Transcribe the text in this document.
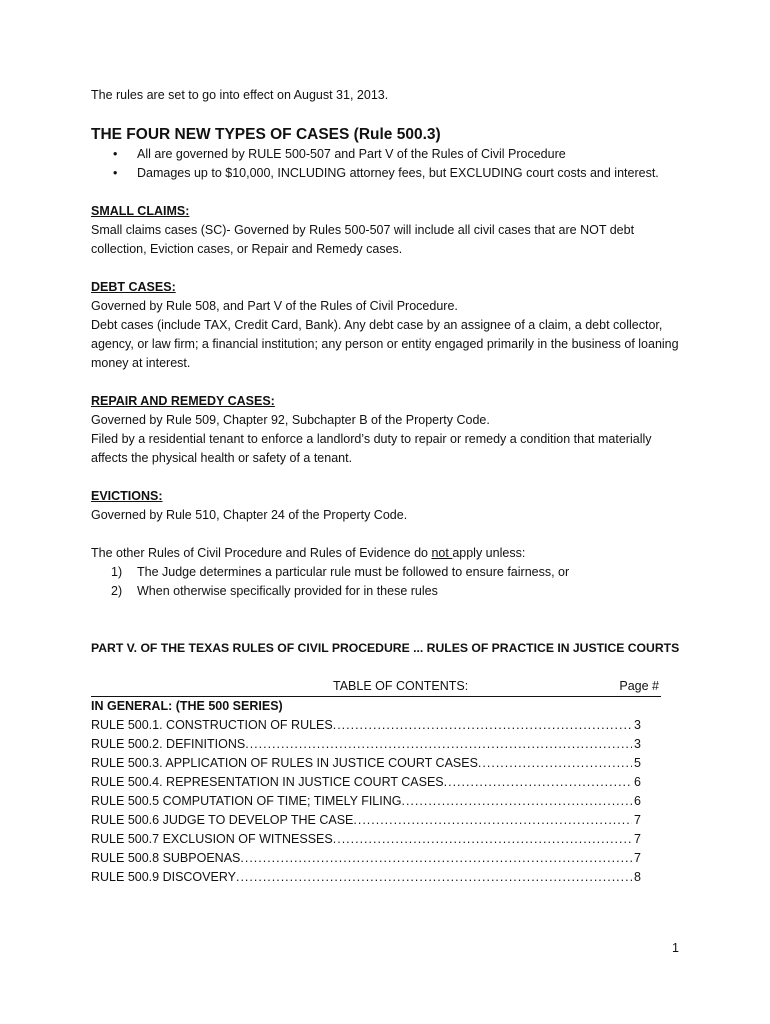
The rules are set to go into effect on August 31, 2013.

THE FOUR NEW TYPES OF CASES (Rule 500.3)

• All are governed by RULE 500-507 and Part V of the Rules of Civil Procedure
• Damages up to $10,000, INCLUDING attorney fees, but EXCLUDING court costs and interest.

SMALL CLAIMS:

Small claims cases (SC)- Governed by Rules 500-507 will include all civil cases that are NOT debt collection, Eviction cases, or Repair and Remedy cases.

DEBT CASES:

Governed by Rule 508, and Part V of the Rules of Civil Procedure.

Debt cases (include TAX, Credit Card, Bank). Any debt case by an assignee of a claim, a debt collector, agency, or law firm; a financial institution; any person or entity engaged primarily in the business of loaning money at interest.

REPAIR AND REMEDY CASES:

Governed by Rule 509, Chapter 92, Subchapter B of the Property Code.

Filed by a residential tenant to enforce a landlord’s duty to repair or remedy a condition that materially affects the physical health or safety of a tenant.

EVICTIONS:

Governed by Rule 510, Chapter 24 of the Property Code.

The other Rules of Civil Procedure and Rules of Evidence do not apply unless:

1) The Judge determines a particular rule must be followed to ensure fairness, or
2) When otherwise specifically provided for in these rules

PART V. OF THE TEXAS RULES OF CIVIL PROCEDURE ... RULES OF PRACTICE IN JUSTICE COURTS

TABLE OF CONTENTS:	Page #

IN GENERAL: (THE 500 SERIES)

RULE 500.1. CONSTRUCTION OF RULES .....	3
RULE 500.2. DEFINITIONS .....	3
RULE 500.3. APPLICATION OF RULES IN JUSTICE COURT CASES .....	5
RULE 500.4. REPRESENTATION IN JUSTICE COURT CASES .....	6
RULE 500.5 COMPUTATION OF TIME; TIMELY FILING .....	6
RULE 500.6 JUDGE TO DEVELOP THE CASE .....	7
RULE 500.7 EXCLUSION OF WITNESSES .....	7
RULE 500.8 SUBPOENAS .....	7
RULE 500.9 DISCOVERY .....	8
1
